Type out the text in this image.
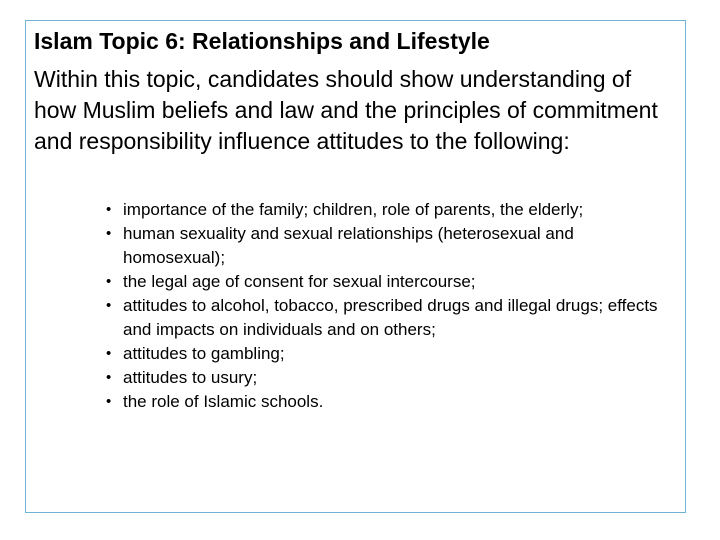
Islam Topic 6: Relationships and Lifestyle
Within this topic, candidates should show understanding of how Muslim beliefs and law and the principles of commitment and responsibility influence attitudes to the following:
• importance of the family; children, role of parents, the elderly;
• human sexuality and sexual relationships (heterosexual and homosexual);
• the legal age of consent for sexual intercourse;
• attitudes to alcohol, tobacco, prescribed drugs and illegal drugs; effects and impacts on individuals and on others;
• attitudes to gambling;
• attitudes to usury;
• the role of Islamic schools.
